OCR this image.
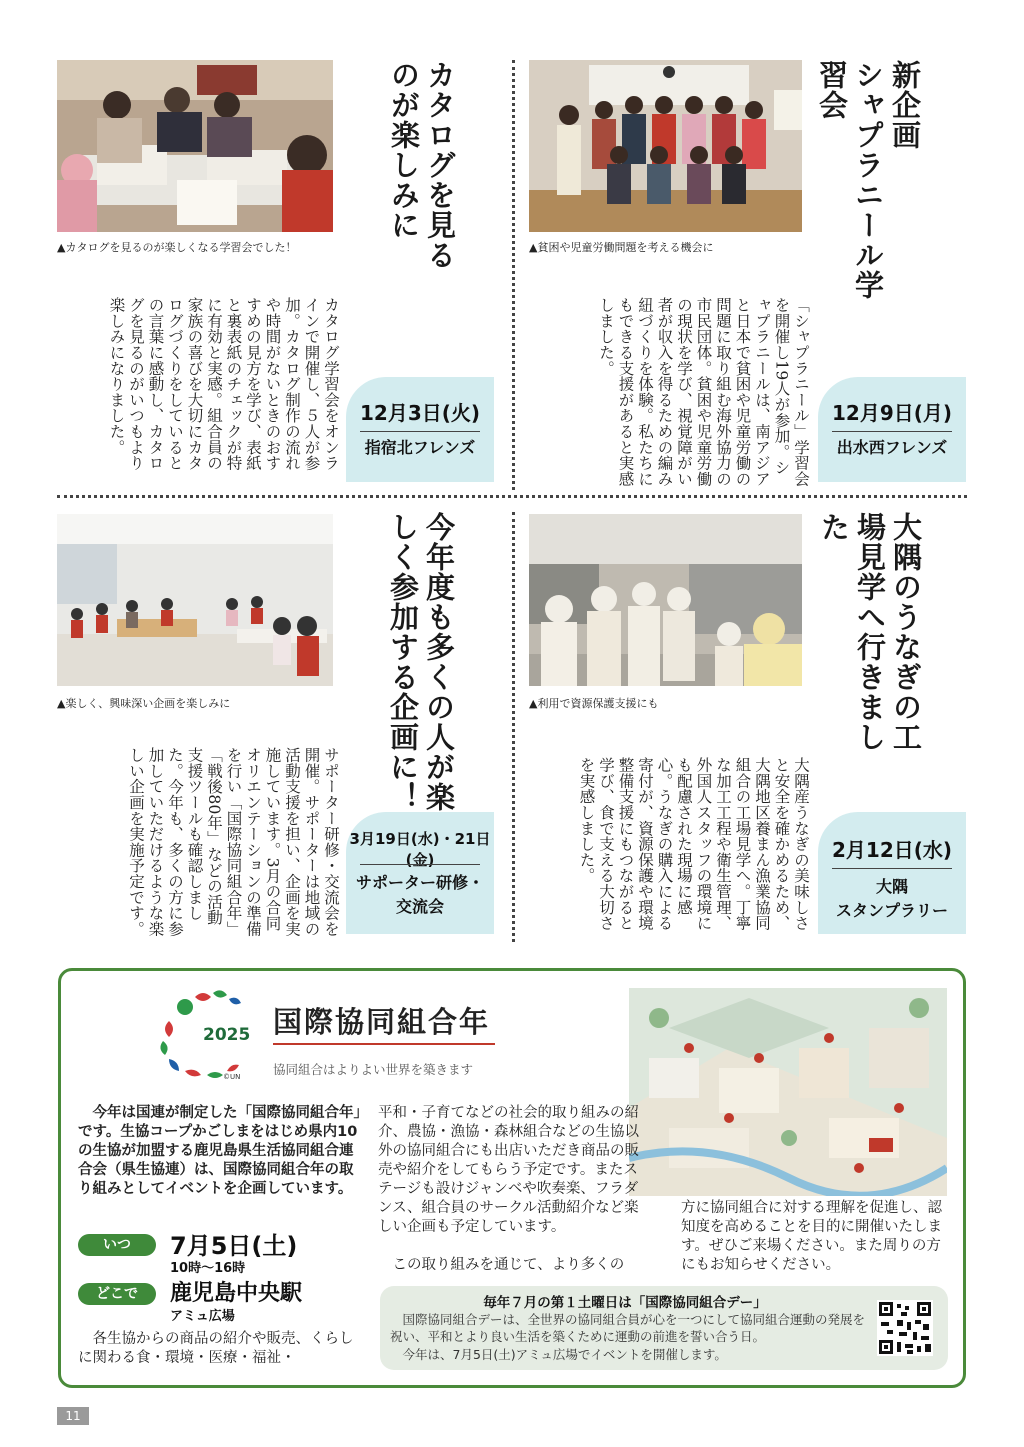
▲カタログを見るのが楽しくなる学習会でした！	カタログを見るのが楽しみに
カタログ学習会をオンラインで開催し、５人が参加。カタログ制作の流れや時間がないときのおすすめの見方を学び、表紙と裏表紙のチェックが特に有効と実感。組合員の家族の喜びを大切にカタログづくりをしているとの言葉に感動し、カタログを見るのがいつもより楽しみになりました。	12月3日(火)
指宿北フレンズ
▲貧困や児童労働問題を考える機会に
新企画
シャプラニール学習会
「シャプラニール」学習会を開催し19人が参加。シャプラニールは、南アジアと日本で貧困や児童労働の問題に取り組む海外協力の市民団体。貧困や児童労働の現状を学び、視覚障がい者が収入を得るための編み紐づくりを体験。私たちにもできる支援があると実感しました。
12月9日(月)
出水西フレンズ
▲楽しく、興味深い企画を楽しみに	今年度も多くの人が楽しく参加する企画に！
サポーター研修・交流会を開催。サポーターは地域の活動支援を担い、企画を実施しています。3月の合同オリエンテーションの準備を行い「国際協同組合年」「戦後80年」などの活動支援ツールも確認しました。今年も、多くの方に参加していただけるような楽しい企画を実施予定です。	3月19日(水)・21日(金)
サポーター研修・
交流会
▲利用で資源保護支援にも	大隅のうなぎの工場見学へ行きました
大隅産うなぎの美味しさと安全を確かめるため、大隅地区養まん漁業協同組合の工場見学へ。丁寧な加工工程や衛生管理、外国人スタッフの環境にも配慮された現場に感心。うなぎの購入による寄付が、資源保護や環境整備支援にもつながると学び、食で支える大切さを実感しました。	2月12日(水)
大隅
スタンプラリー
2025
©UN
国際協同組合年
協同組合はよりよい世界を築きます
今年は国連が制定した「国際協同組合年」です。生協コープかごしまをはじめ県内10の生協が加盟する鹿児島県生活協同組合連合会（県生協連）は、国際協同組合年の取り組みとしてイベントを企画しています。
いつ	7月5日(土)
10時〜16時
どこで	鹿児島中央駅
アミュ広場
各生協からの商品の紹介や販売、くらしに関わる食・環境・医療・福祉・
平和・子育てなどの社会的取り組みの紹介、農協・漁協・森林組合などの生協以外の協同組合にも出店いただき商品の販売や紹介をしてもらう予定です。またステージも設けジャンベや吹奏楽、フラダンス、組合員のサークル活動紹介など楽しい企画も予定しています。
この取り組みを通じて、より多くの
方に協同組合に対する理解を促進し、認知度を高めることを目的に開催いたします。ぜひご来場ください。また周りの方にもお知らせください。
毎年７月の第１土曜日は「国際協同組合デー」
国際協同組合デーは、全世界の協同組合員が心を一つにして協同組合運動の発展を祝い、平和とより良い生活を築くために運動の前進を誓い合う日。
今年は、7月5日(土)アミュ広場でイベントを開催します。
11
